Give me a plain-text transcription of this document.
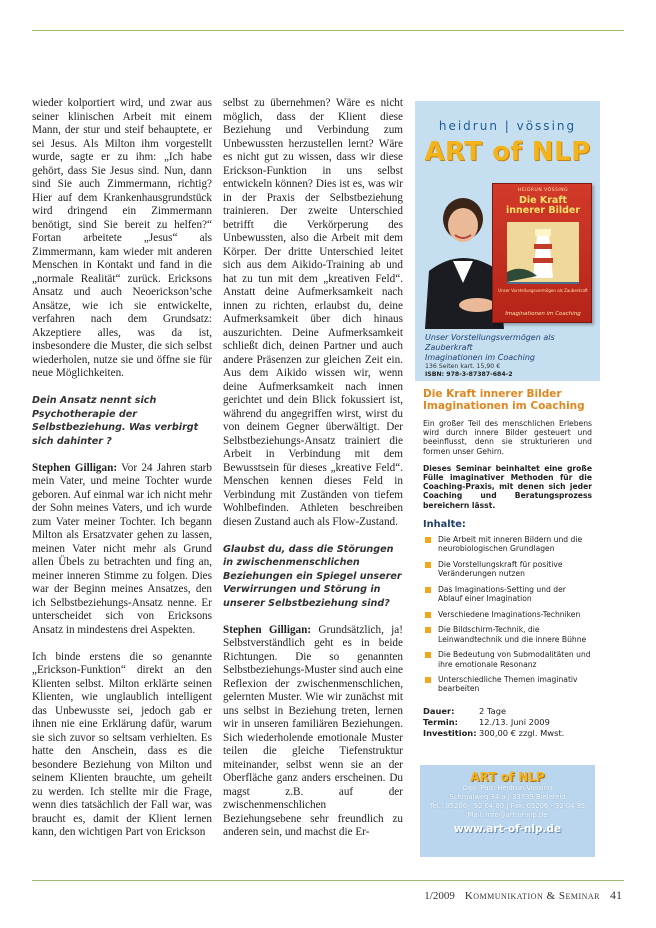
wieder kolportiert wird, und zwar aus seiner klinischen Arbeit mit einem Mann, der stur und steif behauptete, er sei Jesus. Als Milton ihm vorgestellt wurde, sagte er zu ihm: „Ich habe gehört, dass Sie Jesus sind. Nun, dann sind Sie auch Zimmermann, richtig? Hier auf dem Krankenhausgrundstück wird dringend ein Zimmermann benötigt, sind Sie bereit zu helfen?“ Fortan arbeitete „Jesus“ als Zimmermann, kam wieder mit anderen Menschen in Kontakt und fand in die „normale Realität“ zurück. Ericksons Ansatz und auch Neoerickson’sche Ansätze, wie ich sie entwickelte, verfahren nach dem Grundsatz: Akzeptiere alles, was da ist, insbesondere die Muster, die sich selbst wiederholen, nutze sie und öffne sie für neue Möglichkeiten.

Dein Ansatz nennt sich Psychotherapie der Selbstbeziehung. Was verbirgt sich dahinter ?

Stephen Gilligan: Vor 24 Jahren starb mein Vater, und meine Tochter wurde geboren. Auf einmal war ich nicht mehr der Sohn meines Vaters, und ich wurde zum Vater meiner Tochter. Ich begann Milton als Ersatzvater gehen zu lassen, meinen Vater nicht mehr als Grund allen Übels zu betrachten und fing an, meiner inneren Stimme zu folgen. Dies war der Beginn meines Ansatzes, den ich Selbstbeziehungs-Ansatz nenne. Er unterscheidet sich von Ericksons Ansatz in mindestens drei Aspekten.

Ich binde erstens die so genannte „Erickson-Funktion“ direkt an den Klienten selbst. Milton erklärte seinen Klienten, wie unglaublich intelligent das Unbewusste sei, jedoch gab er ihnen nie eine Erklärung dafür, warum sie sich zuvor so seltsam verhielten. Es hatte den Anschein, dass es die besondere Beziehung von Milton und seinem Klienten brauchte, um geheilt zu werden. Ich stellte mir die Frage, wenn dies tatsächlich der Fall war, was braucht es, damit der Klient lernen kann, den wichtigen Part von Erickson

selbst zu übernehmen? Wäre es nicht möglich, dass der Klient diese Beziehung und Verbindung zum Unbewussten herzustellen lernt? Wäre es nicht gut zu wissen, dass wir diese Erickson-Funktion in uns selbst entwickeln können? Dies ist es, was wir in der Praxis der Selbstbeziehung trainieren. Der zweite Unterschied betrifft die Verkörperung des Unbewussten, also die Arbeit mit dem Körper. Der dritte Unterschied leitet sich aus dem Aikido-Training ab und hat zu tun mit dem „kreativen Feld“. Anstatt deine Aufmerksamkeit nach innen zu richten, erlaubst du, deine Aufmerksamkeit über dich hinaus auszurichten. Deine Aufmerksamkeit schließt dich, deinen Partner und auch andere Präsenzen zur gleichen Zeit ein. Aus dem Aikido wissen wir, wenn deine Aufmerksamkeit nach innen gerichtet und dein Blick fokussiert ist, während du angegriffen wirst, wirst du von deinem Gegner überwältigt. Der Selbstbeziehungs-Ansatz trainiert die Arbeit in Verbindung mit dem Bewusstsein für dieses „kreative Feld“. Menschen kennen dieses Feld in Verbindung mit Zuständen von tiefem Wohlbefinden. Athleten beschreiben diesen Zustand auch als Flow-Zustand.

Glaubst du, dass die Störungen in zwischenmenschlichen Beziehungen ein Spiegel unserer Verwirrungen und Störung in unserer Selbstbeziehung sind?

Stephen Gilligan: Grundsätzlich, ja! Selbstverständlich geht es in beide Richtungen. Die so genannten Selbstbeziehungs-Muster sind auch eine Reflexion der zwischenmenschlichen, gelernten Muster. Wie wir zunächst mit uns selbst in Beziehung treten, lernen wir in unseren familiären Beziehungen. Sich wiederholende emotionale Muster teilen die gleiche Tiefenstruktur miteinander, selbst wenn sie an der Oberfläche ganz anders erscheinen. Du magst z.B. auf der zwischenmenschlichen Beziehungsebene sehr freundlich zu anderen sein, und machst die Er-

heidrun | vössing
ART of NLP
HEIDRUN VÖSSING
Die Kraft
innerer Bilder
Unser Vorstellungsvermögen als Zauberkraft
Imaginationen im Coaching
Unser Vorstellungsvermögen als Zauberkraft
Imaginationen im Coaching
136 Seiten kart. 15,90 €
ISBN: 978-3-87387-684-2
Die Kraft innerer Bilder
Imaginationen im Coaching
Ein großer Teil des menschlichen Erlebens wird durch innere Bilder gesteuert und beeinflusst, denn sie strukturieren und formen unser Gehirn.
Dieses Seminar beinhaltet eine große Fülle imaginativer Methoden für die Coaching-Praxis, mit denen sich jeder Coaching und Beratungsprozess bereichern lässt.
Inhalte:
Die Arbeit mit inneren Bildern und die neurobiologischen Grundlagen
Die Vorstellungskraft für positive Veränderungen nutzen
Das Imaginations-Setting und der Ablauf einer Imagination
Verschiedene Imaginations-Techniken
Die Bildschirm-Technik, die Leinwandtechnik und die innere Bühne
Die Bedeutung von Submodalitäten und ihre emotionale Resonanz
Unterschiedliche Themen imaginativ bearbeiten
Dauer:	2 Tage
Termin:	12./13. Juni 2009
Investition: 300,00 € zzgl. Mwst.
ART of NLP
Dipl.-Päd. Heidrun Vössing
Schmalweg 34 a | 33739 Bielefeld
Tel.: 05206 - 92 04 00 | Fax: 05206 - 92 04 95
Mail: info@art-of-nlp.de
www.art-of-nlp.de
1/2009 Kommunikation & Seminar 41
